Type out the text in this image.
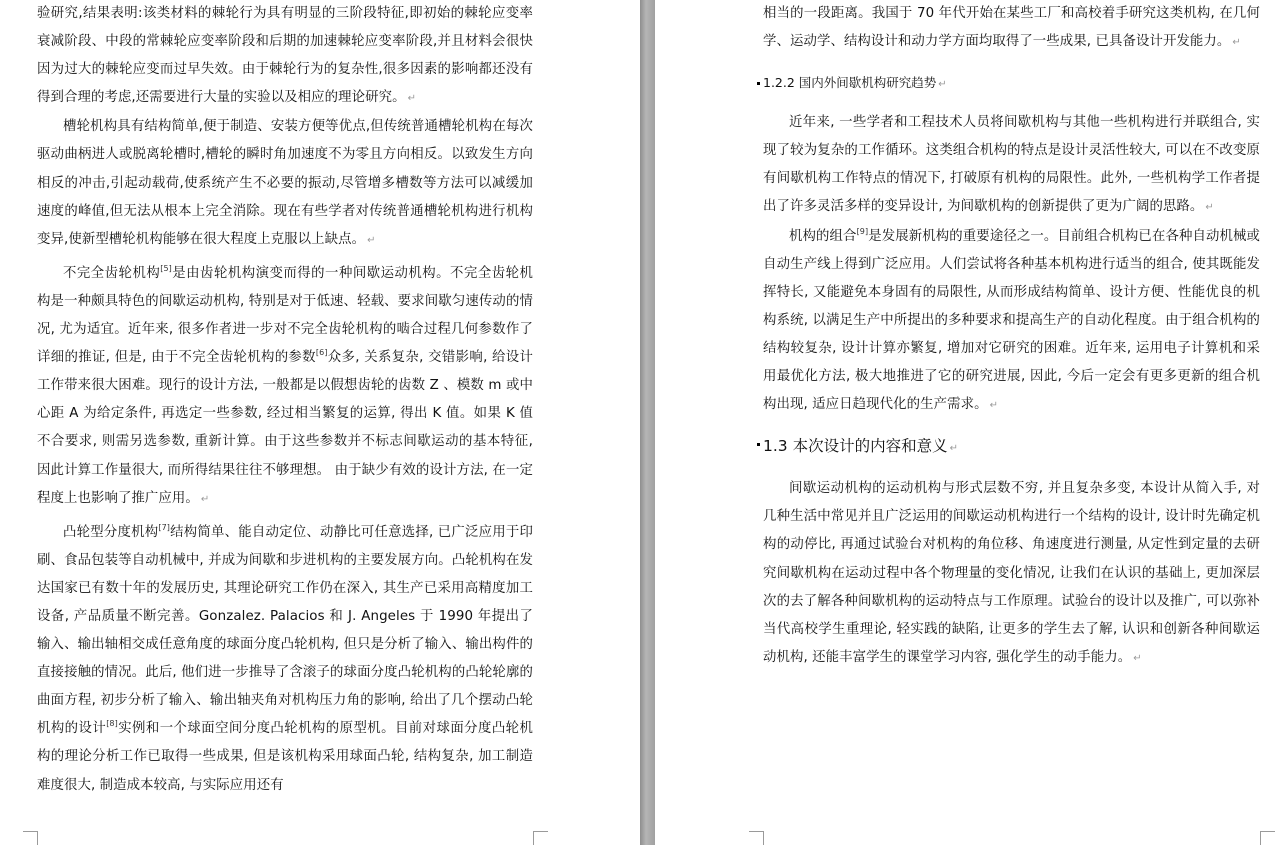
验研究,结果表明:该类材料的棘轮行为具有明显的三阶段特征,即初始的棘轮应变率衰减阶段、中段的常棘轮应变率阶段和后期的加速棘轮应变率阶段,并且材料会很快因为过大的棘轮应变而过早失效。由于棘轮行为的复杂性,很多因素的影响都还没有得到合理的考虑,还需要进行大量的实验以及相应的理论研究。 ↵

槽轮机构具有结构简单,便于制造、安装方便等优点,但传统普通槽轮机构在每次驱动曲柄进人或脱离轮槽时,槽轮的瞬时角加速度不为零且方向相反。以致发生方向相反的冲击,引起动载荷,使系统产生不必要的振动,尽管增多槽数等方法可以减缓加速度的峰值,但无法从根本上完全消除。现在有些学者对传统普通槽轮机构进行机构变异,使新型槽轮机构能够在很大程度上克服以上缺点。 ↵

不完全齿轮机构[5]是由齿轮机构演变而得的一种间歇运动机构。不完全齿轮机构是一种颇具特色的间歇运动机构, 特别是对于低速、轻载、要求间歇匀速传动的情况, 尤为适宜。近年来, 很多作者进一步对不完全齿轮机构的啮合过程几何参数作了详细的推证, 但是, 由于不完全齿轮机构的参数[6]众多, 关系复杂, 交错影响, 给设计工作带来很大困难。现行的设计方法, 一般都是以假想齿轮的齿数 Z 、模数 m 或中心距 A 为给定条件, 再选定一些参数, 经过相当繁复的运算, 得出 K 值。如果 K 值不合要求, 则需另选参数, 重新计算。由于这些参数并不标志间歇运动的基本特征, 因此计算工作量很大, 而所得结果往往不够理想。 由于缺少有效的设计方法, 在一定程度上也影响了推广应用。 ↵

凸轮型分度机构[7]结构简单、能自动定位、动静比可任意选择, 已广泛应用于印刷、食品包装等自动机械中, 并成为间歇和步进机构的主要发展方向。凸轮机构在发达国家已有数十年的发展历史, 其理论研究工作仍在深入, 其生产已采用高精度加工设备, 产品质量不断完善。Gonzalez. Palacios 和 J. Angeles 于 1990 年提出了输入、输出轴相交成任意角度的球面分度凸轮机构, 但只是分析了输入、输出构件的直接接触的情况。此后, 他们进一步推导了含滚子的球面分度凸轮机构的凸轮轮廓的曲面方程, 初步分析了输入、输出轴夹角对机构压力角的影响, 给出了几个摆动凸轮机构的设计[8]实例和一个球面空间分度凸轮机构的原型机。目前对球面分度凸轮机构的理论分析工作已取得一些成果, 但是该机构采用球面凸轮, 结构复杂, 加工制造难度很大, 制造成本较高, 与实际应用还有

相当的一段距离。我国于 70 年代开始在某些工厂和高校着手研究这类机构, 在几何学、运动学、结构设计和动力学方面均取得了一些成果, 已具备设计开发能力。 ↵

1.2.2 国内外间歇机构研究趋势 ↵

近年来, 一些学者和工程技术人员将间歇机构与其他一些机构进行并联组合, 实现了较为复杂的工作循环。这类组合机构的特点是设计灵活性较大, 可以在不改变原有间歇机构工作特点的情况下, 打破原有机构的局限性。此外, 一些机构学工作者提出了许多灵活多样的变异设计, 为间歇机构的创新提供了更为广阔的思路。 ↵

机构的组合[9]是发展新机构的重要途径之一。目前组合机构已在各种自动机械或自动生产线上得到广泛应用。人们尝试将各种基本机构进行适当的组合, 使其既能发挥特长, 又能避免本身固有的局限性, 从而形成结构简单、设计方便、性能优良的机构系统, 以满足生产中所提出的多种要求和提高生产的自动化程度。由于组合机构的结构较复杂, 设计计算亦繁复, 增加对它研究的困难。近年来, 运用电子计算机和采用最优化方法, 极大地推进了它的研究进展, 因此, 今后一定会有更多更新的组合机构出现, 适应日趋现代化的生产需求。 ↵

1.3 本次设计的内容和意义 ↵

间歇运动机构的运动机构与形式层数不穷, 并且复杂多变, 本设计从简入手, 对几种生活中常见并且广泛运用的间歇运动机构进行一个结构的设计, 设计时先确定机构的动停比, 再通过试验台对机构的角位移、角速度进行测量, 从定性到定量的去研究间歇机构在运动过程中各个物理量的变化情况, 让我们在认识的基础上, 更加深层次的去了解各种间歇机构的运动特点与工作原理。试验台的设计以及推广, 可以弥补当代高校学生重理论, 轻实践的缺陷, 让更多的学生去了解, 认识和创新各种间歇运动机构, 还能丰富学生的课堂学习内容, 强化学生的动手能力。 ↵
